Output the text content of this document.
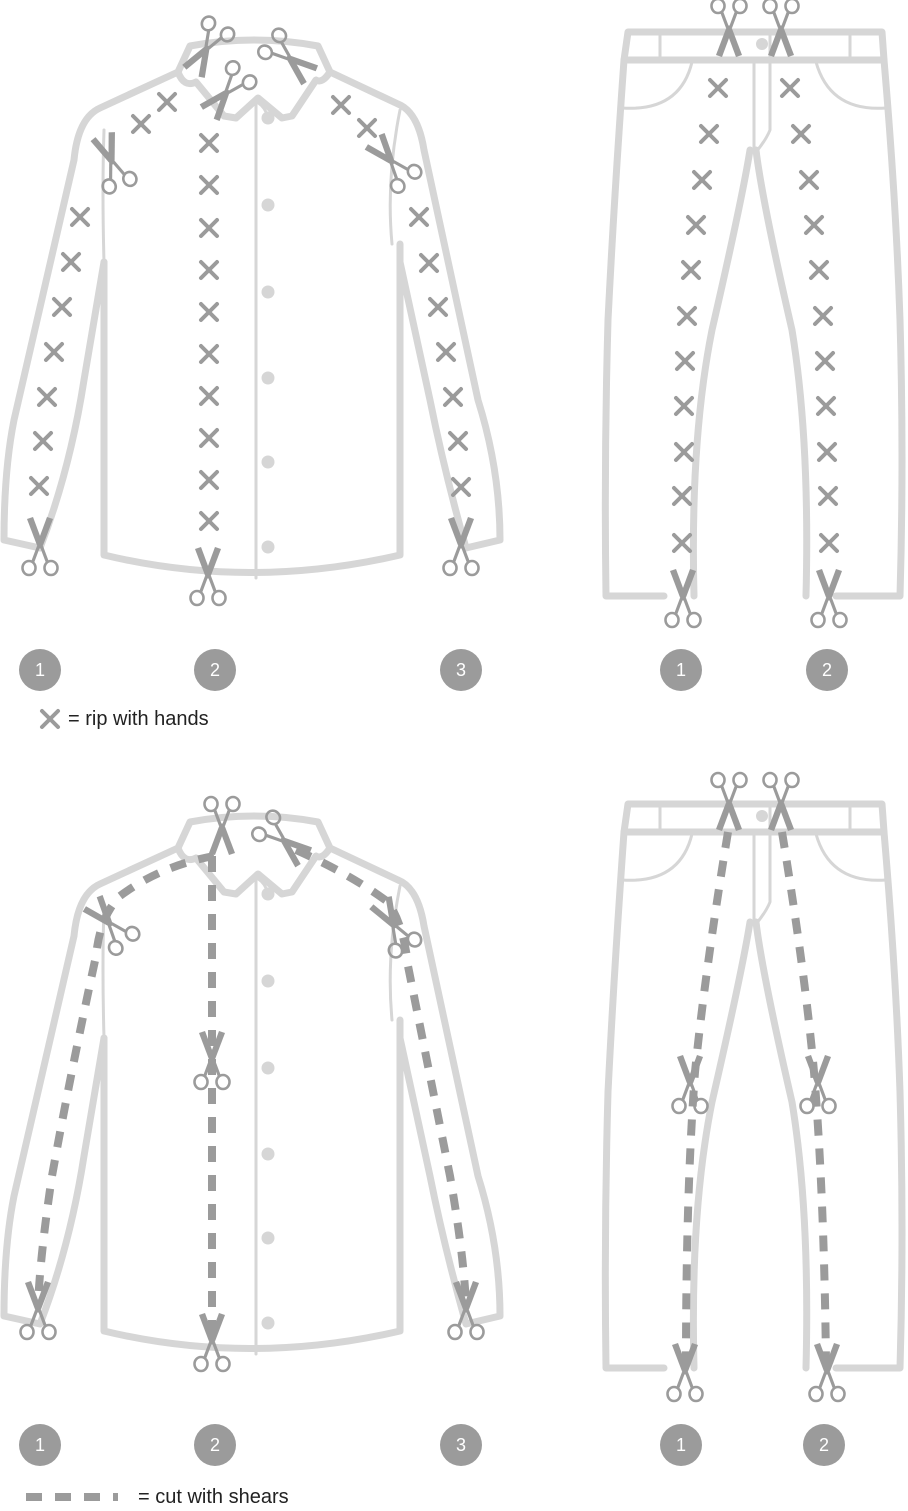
1	2	3	1	2
= rip with hands
1	2	3	1	2
= cut with shears
